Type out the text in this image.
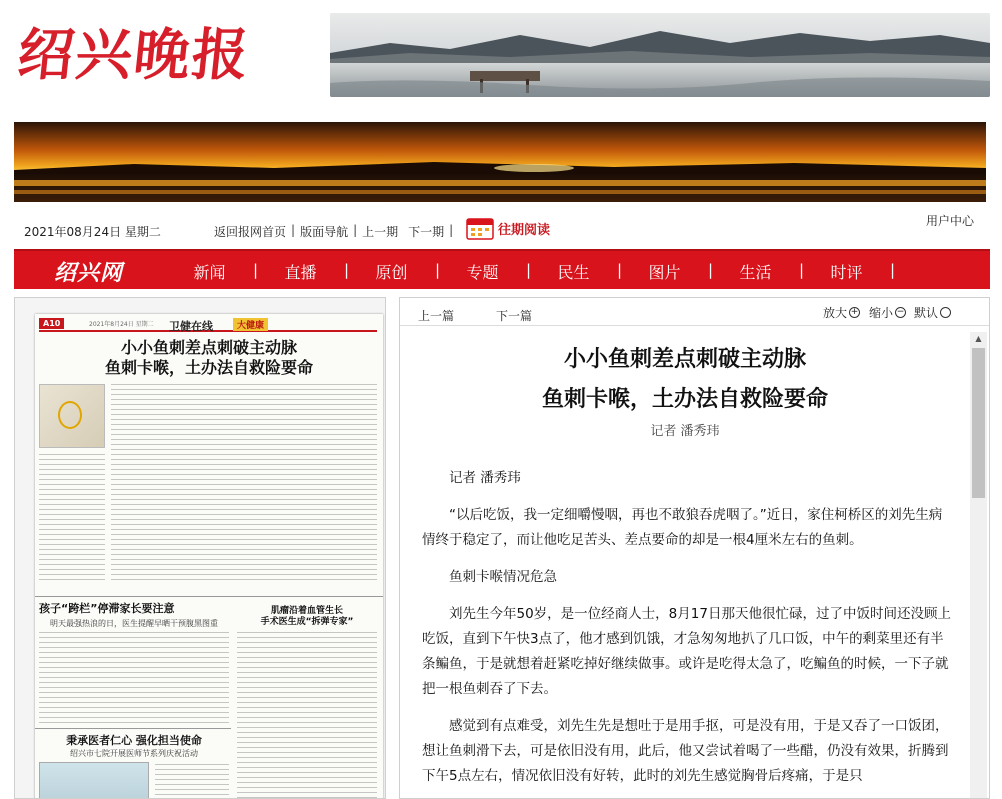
绍兴晚报
2021年08月24日 星期二	返回报网首页 | 版面导航 | 上一期 下一期 |	往期阅读
用户中心
绍兴网	新闻 |	直播 |	原创 |	专题 |	民生 |	图片 |	生活 |	时评 |
A10	2021年8月24日 星期二 卫健在线	大健康
小小鱼刺差点刺破主动脉
鱼刺卡喉，土办法自救险要命
孩子“跨栏”停滞家长要注意
明天最强热浪的日，医生提醒早晒干预腹黑图重
肌瘤沿着血管生长
手术医生成“拆弹专家”
秉承医者仁心 强化担当使命
绍兴市七院开展医师节系列庆祝活动
上一篇	下一篇	放大 + 缩小 − 默认
小小鱼刺差点刺破主动脉
鱼刺卡喉，土办法自救险要命
记者 潘秀玮

记者 潘秀玮

“以后吃饭，我一定细嚼慢咽，再也不敢狼吞虎咽了。”近日，家住柯桥区的刘先生病情终于稳定了，而让他吃足苦头、差点要命的却是一根4厘米左右的鱼刺。

鱼刺卡喉情况危急

刘先生今年50岁，是一位经商人士，8月17日那天他很忙碌，过了中饭时间还没顾上吃饭，直到下午快3点了，他才感到饥饿，才急匆匆地扒了几口饭，中午的剩菜里还有半条鳊鱼，于是就想着赶紧吃掉好继续做事。或许是吃得太急了，吃鳊鱼的时候，一下子就把一根鱼刺吞了下去。

感觉到有点难受，刘先生先是想吐于是用手抠，可是没有用，于是又吞了一口饭团，想让鱼刺滑下去，可是依旧没有用，此后，他又尝试着喝了一些醋，仍没有效果，折腾到下午5点左右，情况依旧没有好转，此时的刘先生感觉胸骨后疼痛，于是只

▲
